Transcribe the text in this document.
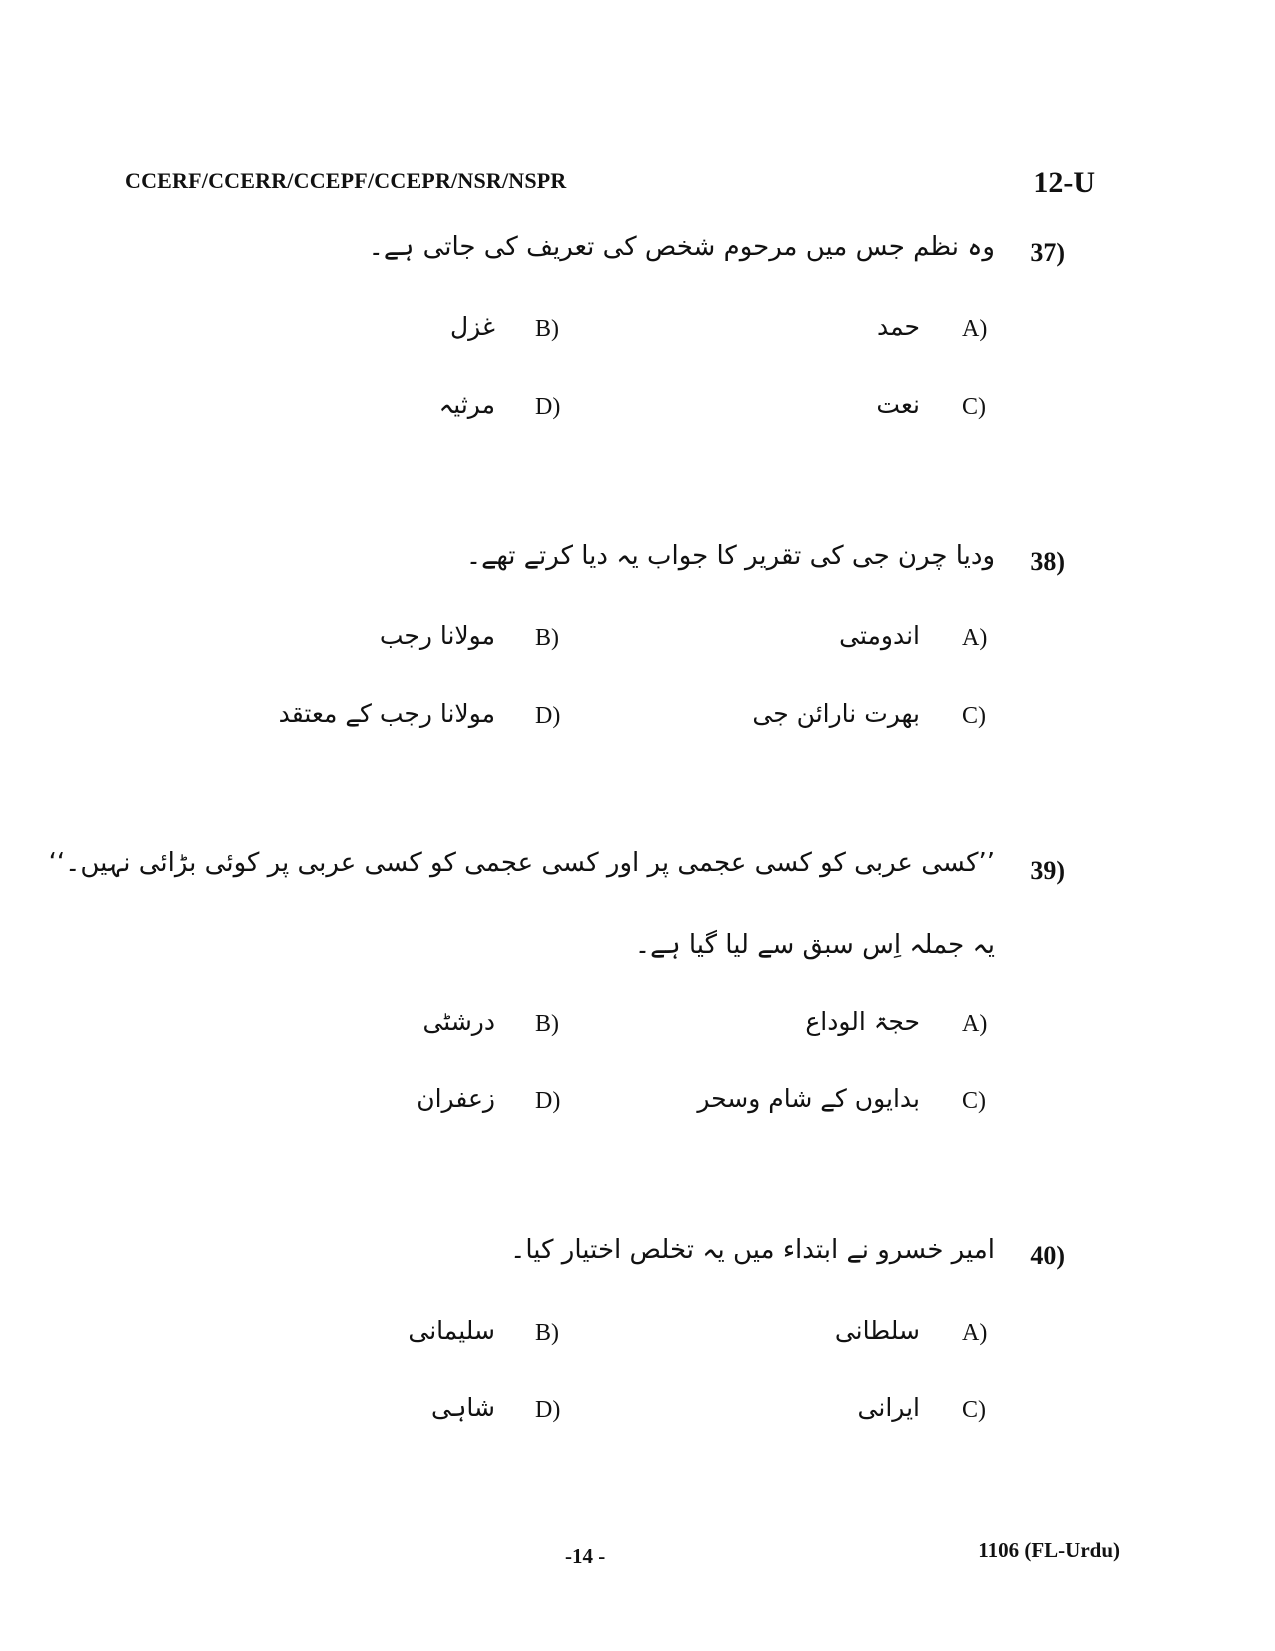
CCERF/CCERR/CCEPF/CCEPR/NSR/NSPR	12-U
37)
وہ نظم جس میں مرحوم شخص کی تعریف کی جاتی ہے۔
A)
حمد
B)
غزل
C)
نعت
D)
مرثیہ
38)
ودیا چرن جی کی تقریر کا جواب یہ دیا کرتے تھے۔
A)
اندومتی
B)
مولانا رجب
C)
بھرت نارائن جی
D)
مولانا رجب کے معتقد
39)
’’کسی عربی کو کسی عجمی پر اور کسی عجمی کو کسی عربی پر کوئی بڑائی نہیں۔‘‘
یہ جملہ اِس سبق سے لیا گیا ہے۔
A)
حجۃ الوداع
B)
درشٹی
C)
بدایوں کے شام وسحر
D)
زعفران
40)
امیر خسرو نے ابتداء میں یہ تخلص اختیار کیا۔
A)
سلطانی
B)
سلیمانی
C)
ایرانی
D)
شاہی
-14 -	1106 (FL-Urdu)
